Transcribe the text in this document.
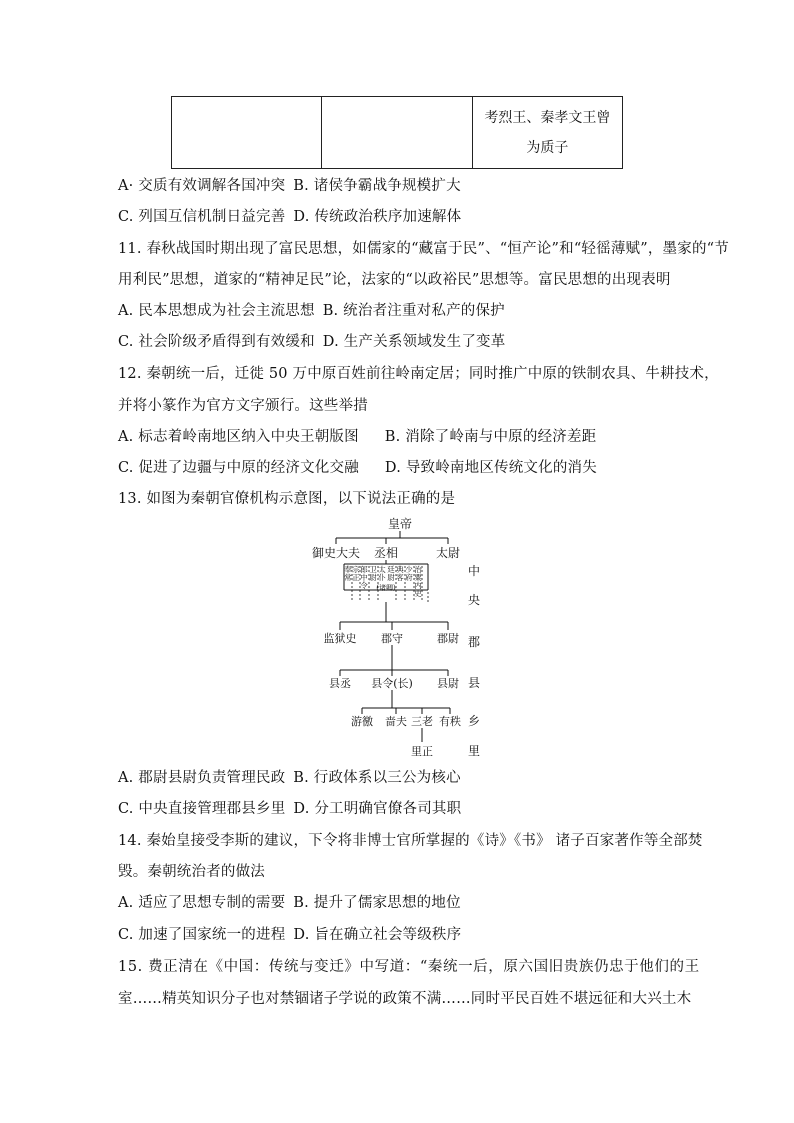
考烈王、秦孝文王曾
为质子
A· 交质有效调解各国冲突 B. 诸侯争霸战争规模扩大
C. 列国互信机制日益完善 D. 传统政治秩序加速解体
11. 春秋战国时期出现了富民思想，如儒家的“藏富于民”、“恒产论”和“轻徭薄赋”，墨家的“节
用利民”思想，道家的“精神足民”论，法家的“以政裕民”思想等。富民思想的出现表明
A. 民本思想成为社会主流思想 B. 统治者注重对私产的保护
C. 社会阶级矛盾得到有效缓和 D. 生产关系领域发生了变革
12. 秦朝统一后，迁徙 50 万中原百姓前往岭南定居；同时推广中原的铁制农具、牛耕技术，
并将小篆作为官方文字颁行。这些举措
A. 标志着岭南地区纳入中央王朝版图 B. 消除了岭南与中原的经济差距
C. 促进了边疆与中原的经济文化交融 D. 导致岭南地区传统文化的消失
13. 如图为秦朝官僚机构示意图，以下说法正确的是
皇帝
御史大夫 丞相	太尉
奉常
宗正
郎中令
卫尉
太仆
廷尉
典客
少府
治粟内史
(诸卿)
监狱史 郡守	郡尉
县丞 县令(长) 县尉
游徼 啬夫 三老 有秩
里正
中
央
郡
县
乡
里
A. 郡尉县尉负责管理民政 B. 行政体系以三公为核心
C. 中央直接管理郡县乡里 D. 分工明确官僚各司其职
14. 秦始皇接受李斯的建议，下令将非博士官所掌握的《诗》《书》 诸子百家著作等全部焚
毁。秦朝统治者的做法
A. 适应了思想专制的需要 B. 提升了儒家思想的地位
C. 加速了国家统一的进程 D. 旨在确立社会等级秩序
15. 费正清在《中国：传统与变迁》中写道：“秦统一后，原六国旧贵族仍忠于他们的王
室……精英知识分子也对禁锢诸子学说的政策不满……同时平民百姓不堪远征和大兴土木
